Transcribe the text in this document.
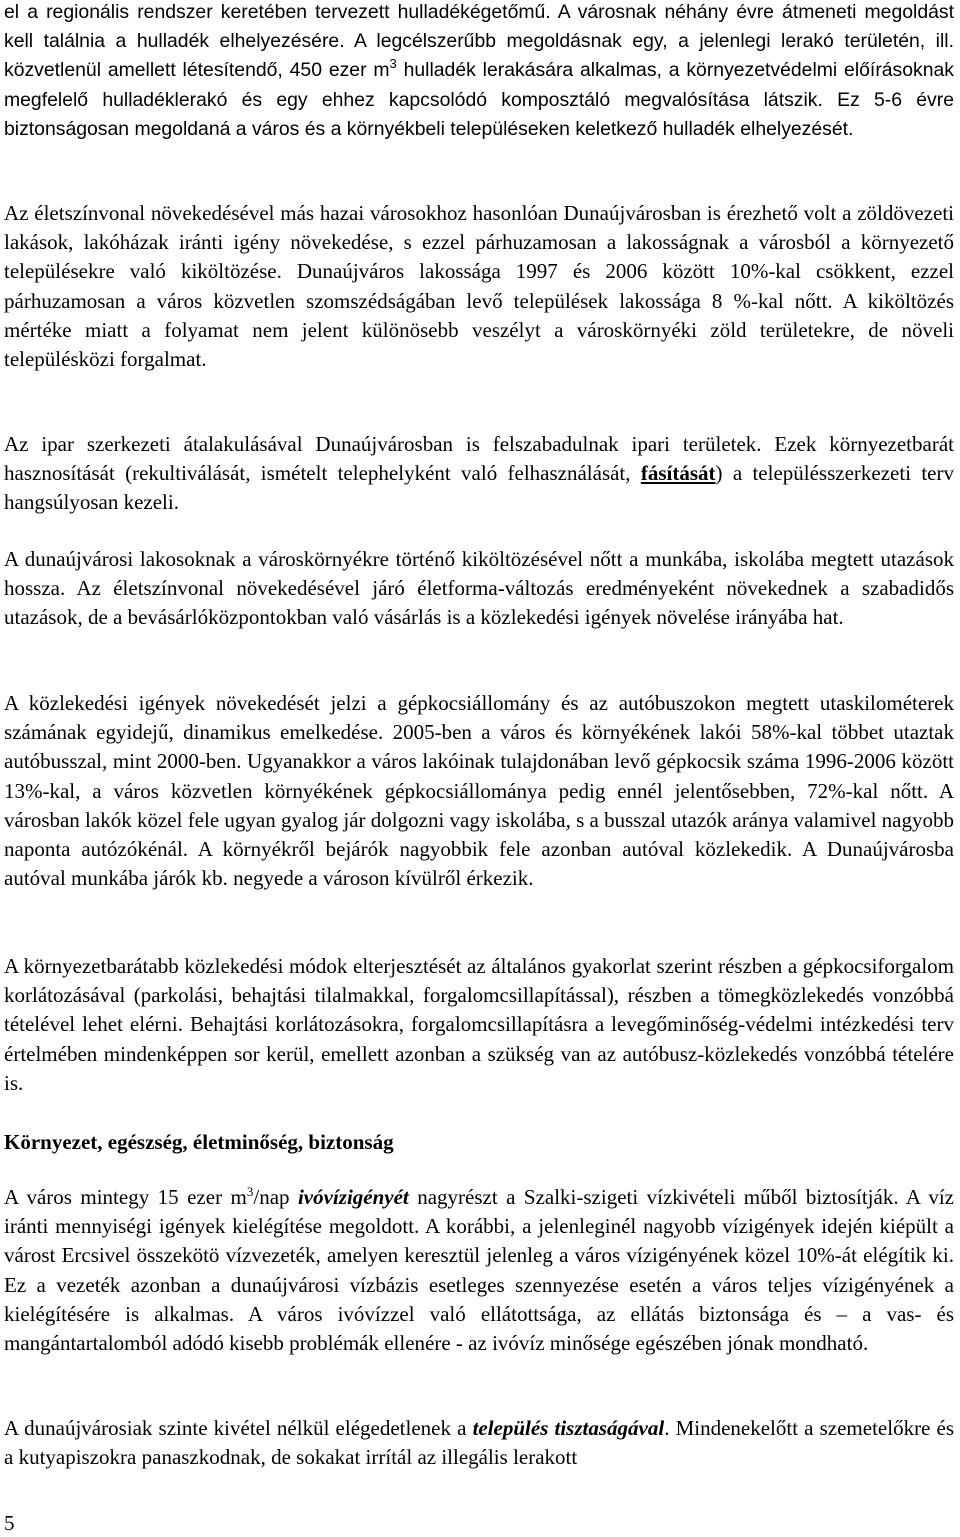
el a regionális rendszer keretében tervezett hulladékégetőmű. A városnak néhány évre átmeneti megoldást kell találnia a hulladék elhelyezésére. A legcélszerűbb megoldásnak egy, a jelenlegi lerakó területén, ill. közvetlenül amellett létesítendő, 450 ezer $m^3$ hulladék lerakására alkalmas, a környezetvédelmi előírásoknak megfelelő hulladéklerakó és egy ehhez kapcsolódó komposztáló megvalósítása látszik. Ez 5-6 évre biztonságosan megoldaná a város és a környékbeli településeken keletkező hulladék elhelyezését.

Az életszínvonal növekedésével más hazai városokhoz hasonlóan Dunaújvárosban is érezhető volt a zöldövezeti lakások, lakóházak iránti igény növekedése, s ezzel párhuzamosan a lakosságnak a városból a környezető településekre való kiköltözése. Dunaújváros lakossága 1997 és 2006 között 10%-kal csökkent, ezzel párhuzamosan a város közvetlen szomszédságában levő települések lakossága 8 %-kal nőtt. A kiköltözés mértéke miatt a folyamat nem jelent különösebb veszélyt a városkörnyéki zöld területekre, de növeli településközi forgalmat.

Az ipar szerkezeti átalakulásával Dunaújvárosban is felszabadulnak ipari területek. Ezek környezetbarát hasznosítását (rekultiválását, ismételt telephelyként való felhasználását, fásítását) a településszerkezeti terv hangsúlyosan kezeli.

A dunaújvárosi lakosoknak a városkörnyékre történő kiköltözésével nőtt a munkába, iskolába megtett utazások hossza. Az életszínvonal növekedésével járó életforma-változás eredményeként növekednek a szabadidős utazások, de a bevásárlóközpontokban való vásárlás is a közlekedési igények növelése irányába hat.

A közlekedési igények növekedését jelzi a gépkocsiállomány és az autóbuszokon megtett utaskilométerek számának egyidejű, dinamikus emelkedése. 2005-ben a város és környékének lakói 58%-kal többet utaztak autóbusszal, mint 2000-ben. Ugyanakkor a város lakóinak tulajdonában levő gépkocsik száma 1996-2006 között 13%-kal, a város közvetlen környékének gépkocsiállománya pedig ennél jelentősebben, 72%-kal nőtt. A városban lakók közel fele ugyan gyalog jár dolgozni vagy iskolába, s a busszal utazók aránya valamivel nagyobb naponta autózókénál. A környékről bejárók nagyobbik fele azonban autóval közlekedik. A Dunaújvárosba autóval munkába járók kb. negyede a városon kívülről érkezik.

A környezetbarátabb közlekedési módok elterjesztését az általános gyakorlat szerint részben a gépkocsiforgalom korlátozásával (parkolási, behajtási tilalmakkal, forgalomcsillapítással), részben a tömegközlekedés vonzóbbá tételével lehet elérni. Behajtási korlátozásokra, forgalomcsillapításra a levegőminőség-védelmi intézkedési terv értelmében mindenképpen sor kerül, emellett azonban a szükség van az autóbusz-közlekedés vonzóbbá tételére is.

Környezet, egészség, életminőség, biztonság

A város mintegy 15 ezer $m^3$/nap ivóvízigényét nagyrészt a Szalki-szigeti vízkivételi műből biztosítják. A víz iránti mennyiségi igények kielégítése megoldott. A korábbi, a jelenleginél nagyobb vízigények idején kiépült a várost Ercsivel összekötö vízvezeték, amelyen keresztül jelenleg a város vízigényének közel 10%-át elégítik ki. Ez a vezeték azonban a dunaújvárosi vízbázis esetleges szennyezése esetén a város teljes vízigényének a kielégítésére is alkalmas. A város ivóvízzel való ellátottsága, az ellátás biztonsága és – a vas- és mangántartalomból adódó kisebb problémák ellenére - az ivóvíz minősége egészében jónak mondható.

A dunaújvárosiak szinte kivétel nélkül elégedetlenek a település tisztaságával. Mindenekelőtt a szemetelőkre és a kutyapiszokra panaszkodnak, de sokakat irrítál az illegális lerakott

5
